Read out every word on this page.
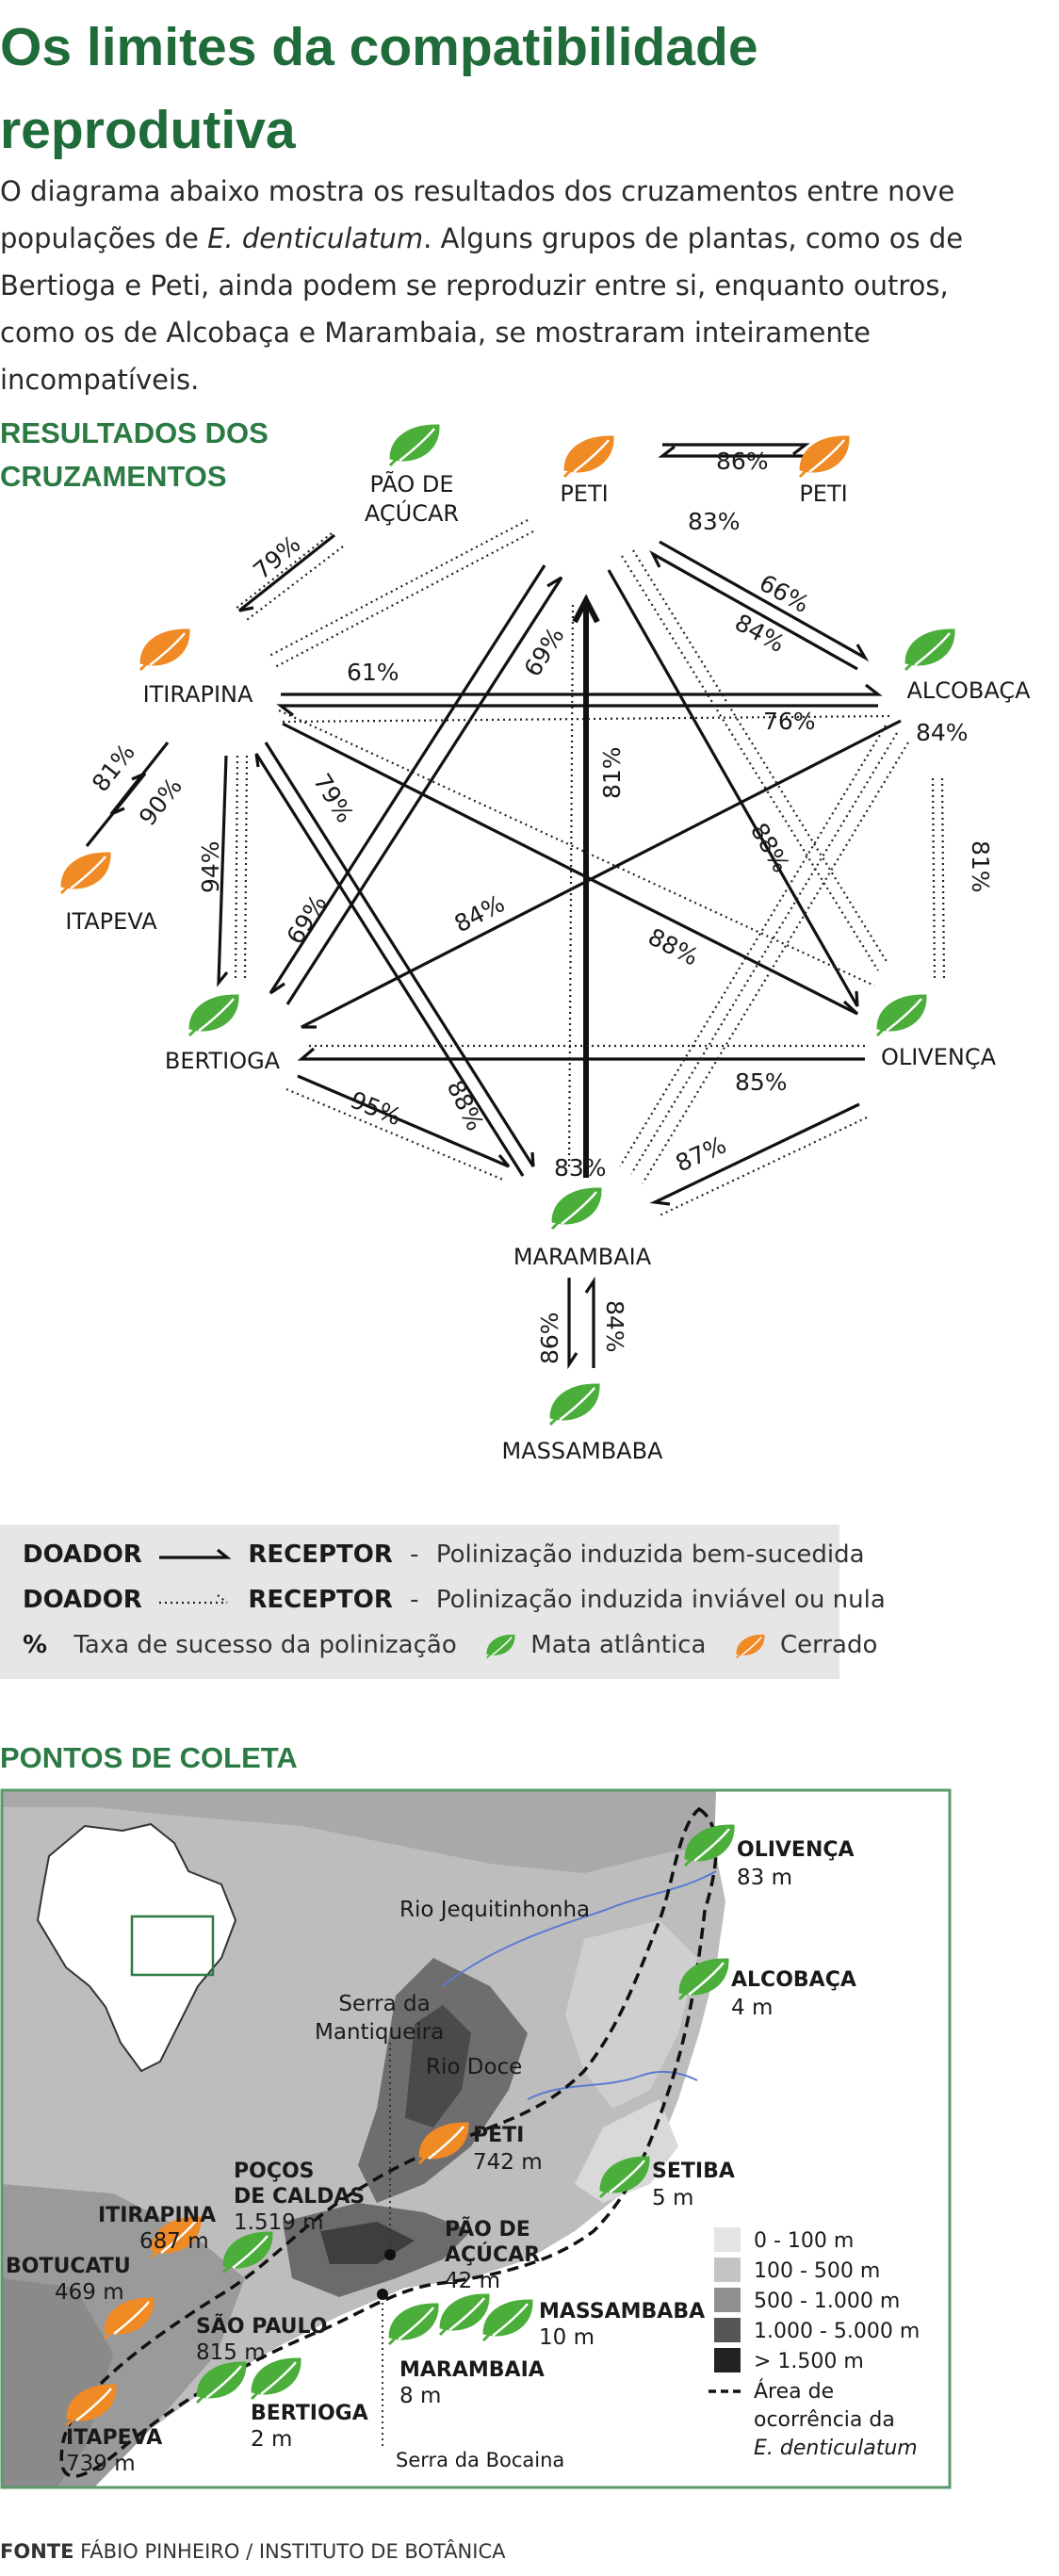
Os limites da compatibilidade reprodutiva

O diagrama abaixo mostra os resultados dos cruzamentos entre nove populações de E. denticulatum. Alguns grupos de plantas, como os de Bertioga e Peti, ainda podem se reproduzir entre si, enquanto outros, como os de Alcobaça e Marambaia, se mostraram inteiramente incompatíveis.

RESULTADOS DOS CRUZAMENTOS	PÃO DE
AÇÚCAR
PETI	PETI
ITIRAPINA	ALCOBAÇA
ITAPEVA
BERTIOGA	OLIVENÇA
MARAMBAIA
MASSAMBABA
86%
83%
66%
84%
79%
61%
76%	84%
81%
90%
94%
81%
69%
79%
88%	81%
69%	84%
88%
85%
95% 88%
83%	87%
86% 84%
DOADOR	RECEPTOR - Polinização induzida bem-sucedida
DOADOR	RECEPTOR - Polinização induzida inviável ou nula
% Taxa de sucesso da polinização	Mata atlântica	Cerrado
PONTOS DE COLETA
Rio Jequitinhonha
Rio Doce
Serra da
Mantiqueira
Serra da Bocaina
OLIVENÇA
ALCOBAÇA
SETIBA
PETI
POÇOS
DE CALDAS
ITIRAPINA
PÃO DE
AÇÚCAR
BOTUCATU
SÃO PAULO
MASSAMBABA
MARAMBAIA
BERTIOGA
ITAPEVA
83 m
4 m
5 m
742 m
1.519 m
687 m
42 m
469 m
815 m
10 m
8 m
2 m
739 m
0 - 100 m
100 - 500 m
500 - 1.000 m
1.000 - 5.000 m
> 1.500 m
Área de
ocorrência da
E. denticulatum
FONTE FÁBIO PINHEIRO / INSTITUTO DE BOTÂNICA
